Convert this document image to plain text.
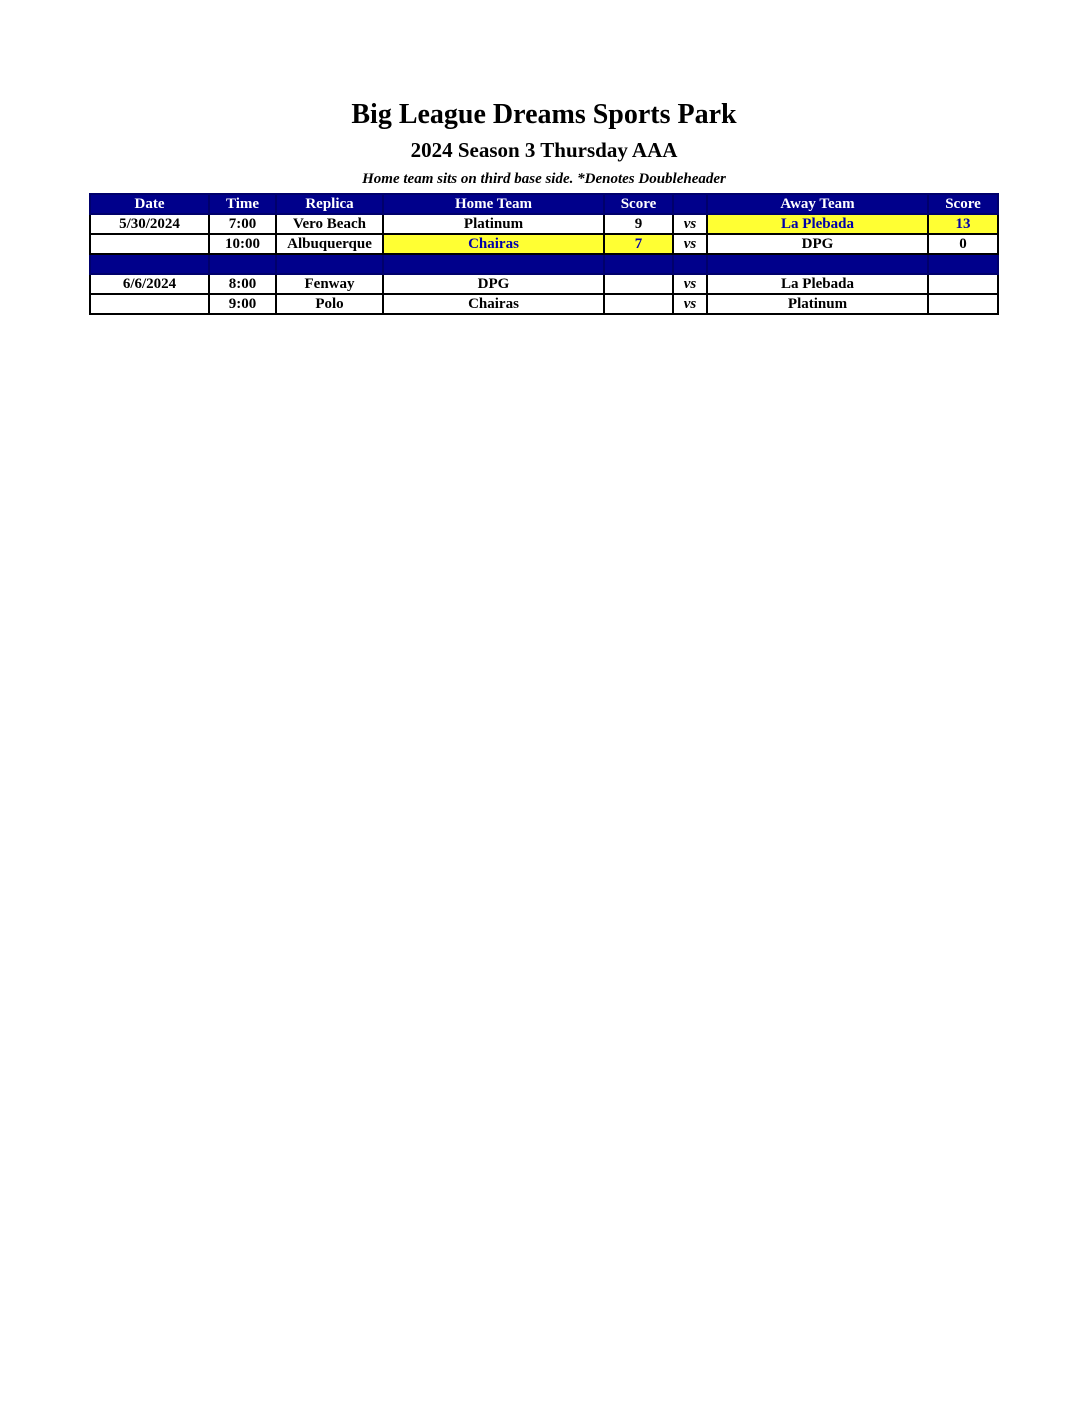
Big League Dreams Sports Park
2024 Season 3 Thursday AAA
Home team sits on third base side. *Denotes Doubleheader
Date	Time	Replica	Home Team	Score		Away Team	Score
5/30/2024	7:00	Vero Beach	Platinum	9	vs	La Plebada	13
	10:00	Albuquerque	Chairas	7	vs	DPG	0

6/6/2024	8:00	Fenway	DPG		vs	La Plebada	
	9:00	Polo	Chairas		vs	Platinum	
